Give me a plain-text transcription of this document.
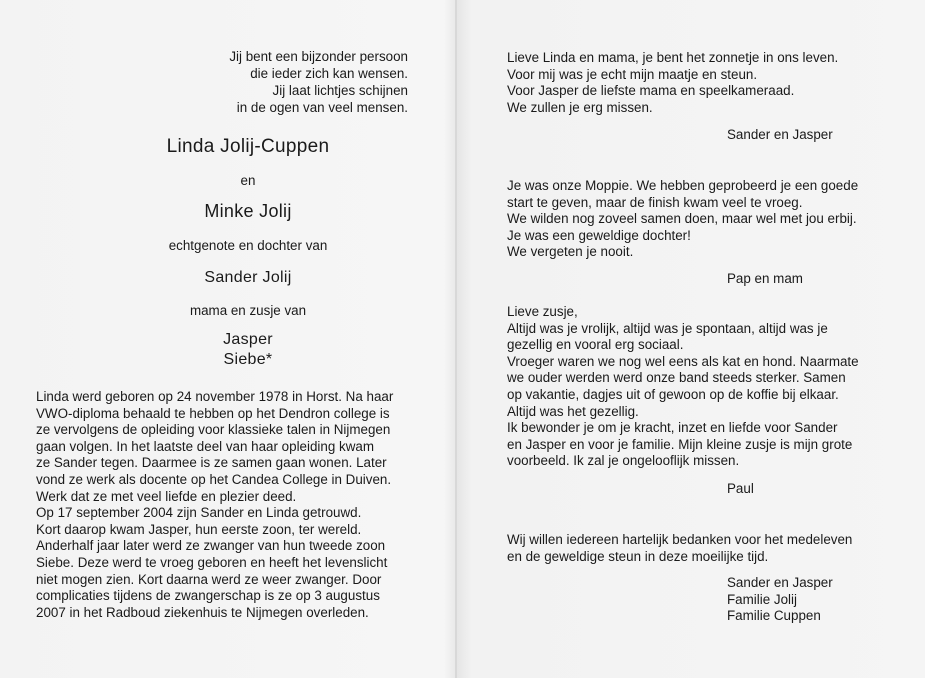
Jij bent een bijzonder persoon
die ieder zich kan wensen.
Jij laat lichtjes schijnen
in de ogen van veel mensen.
Linda Jolij-Cuppen
en
Minke Jolij
echtgenote en dochter van
Sander Jolij
mama en zusje van
Jasper
Siebe*
Linda werd geboren op 24 november 1978 in Horst. Na haar
VWO-diploma behaald te hebben op het Dendron college is
ze vervolgens de opleiding voor klassieke talen in Nijmegen
gaan volgen. In het laatste deel van haar opleiding kwam
ze Sander tegen. Daarmee is ze samen gaan wonen. Later
vond ze werk als docente op het Candea College in Duiven.
Werk dat ze met veel liefde en plezier deed.
Op 17 september 2004 zijn Sander en Linda getrouwd.
Kort daarop kwam Jasper, hun eerste zoon, ter wereld.
Anderhalf jaar later werd ze zwanger van hun tweede zoon
Siebe. Deze werd te vroeg geboren en heeft het levenslicht
niet mogen zien. Kort daarna werd ze weer zwanger. Door
complicaties tijdens de zwangerschap is ze op 3 augustus
2007 in het Radboud ziekenhuis te Nijmegen overleden.
Lieve Linda en mama, je bent het zonnetje in ons leven.
Voor mij was je echt mijn maatje en steun.
Voor Jasper de liefste mama en speelkameraad.
We zullen je erg missen.
Sander en Jasper
Je was onze Moppie. We hebben geprobeerd je een goede
start te geven, maar de finish kwam veel te vroeg.
We wilden nog zoveel samen doen, maar wel met jou erbij.
Je was een geweldige dochter!
We vergeten je nooit.
Pap en mam
Lieve zusje,
Altijd was je vrolijk, altijd was je spontaan, altijd was je
gezellig en vooral erg sociaal.
Vroeger waren we nog wel eens als kat en hond. Naarmate
we ouder werden werd onze band steeds sterker. Samen
op vakantie, dagjes uit of gewoon op de koffie bij elkaar.
Altijd was het gezellig.
Ik bewonder je om je kracht, inzet en liefde voor Sander
en Jasper en voor je familie. Mijn kleine zusje is mijn grote
voorbeeld. Ik zal je ongelooflijk missen.
Paul
Wij willen iedereen hartelijk bedanken voor het medeleven
en de geweldige steun in deze moeilijke tijd.
Sander en Jasper
Familie Jolij
Familie Cuppen
